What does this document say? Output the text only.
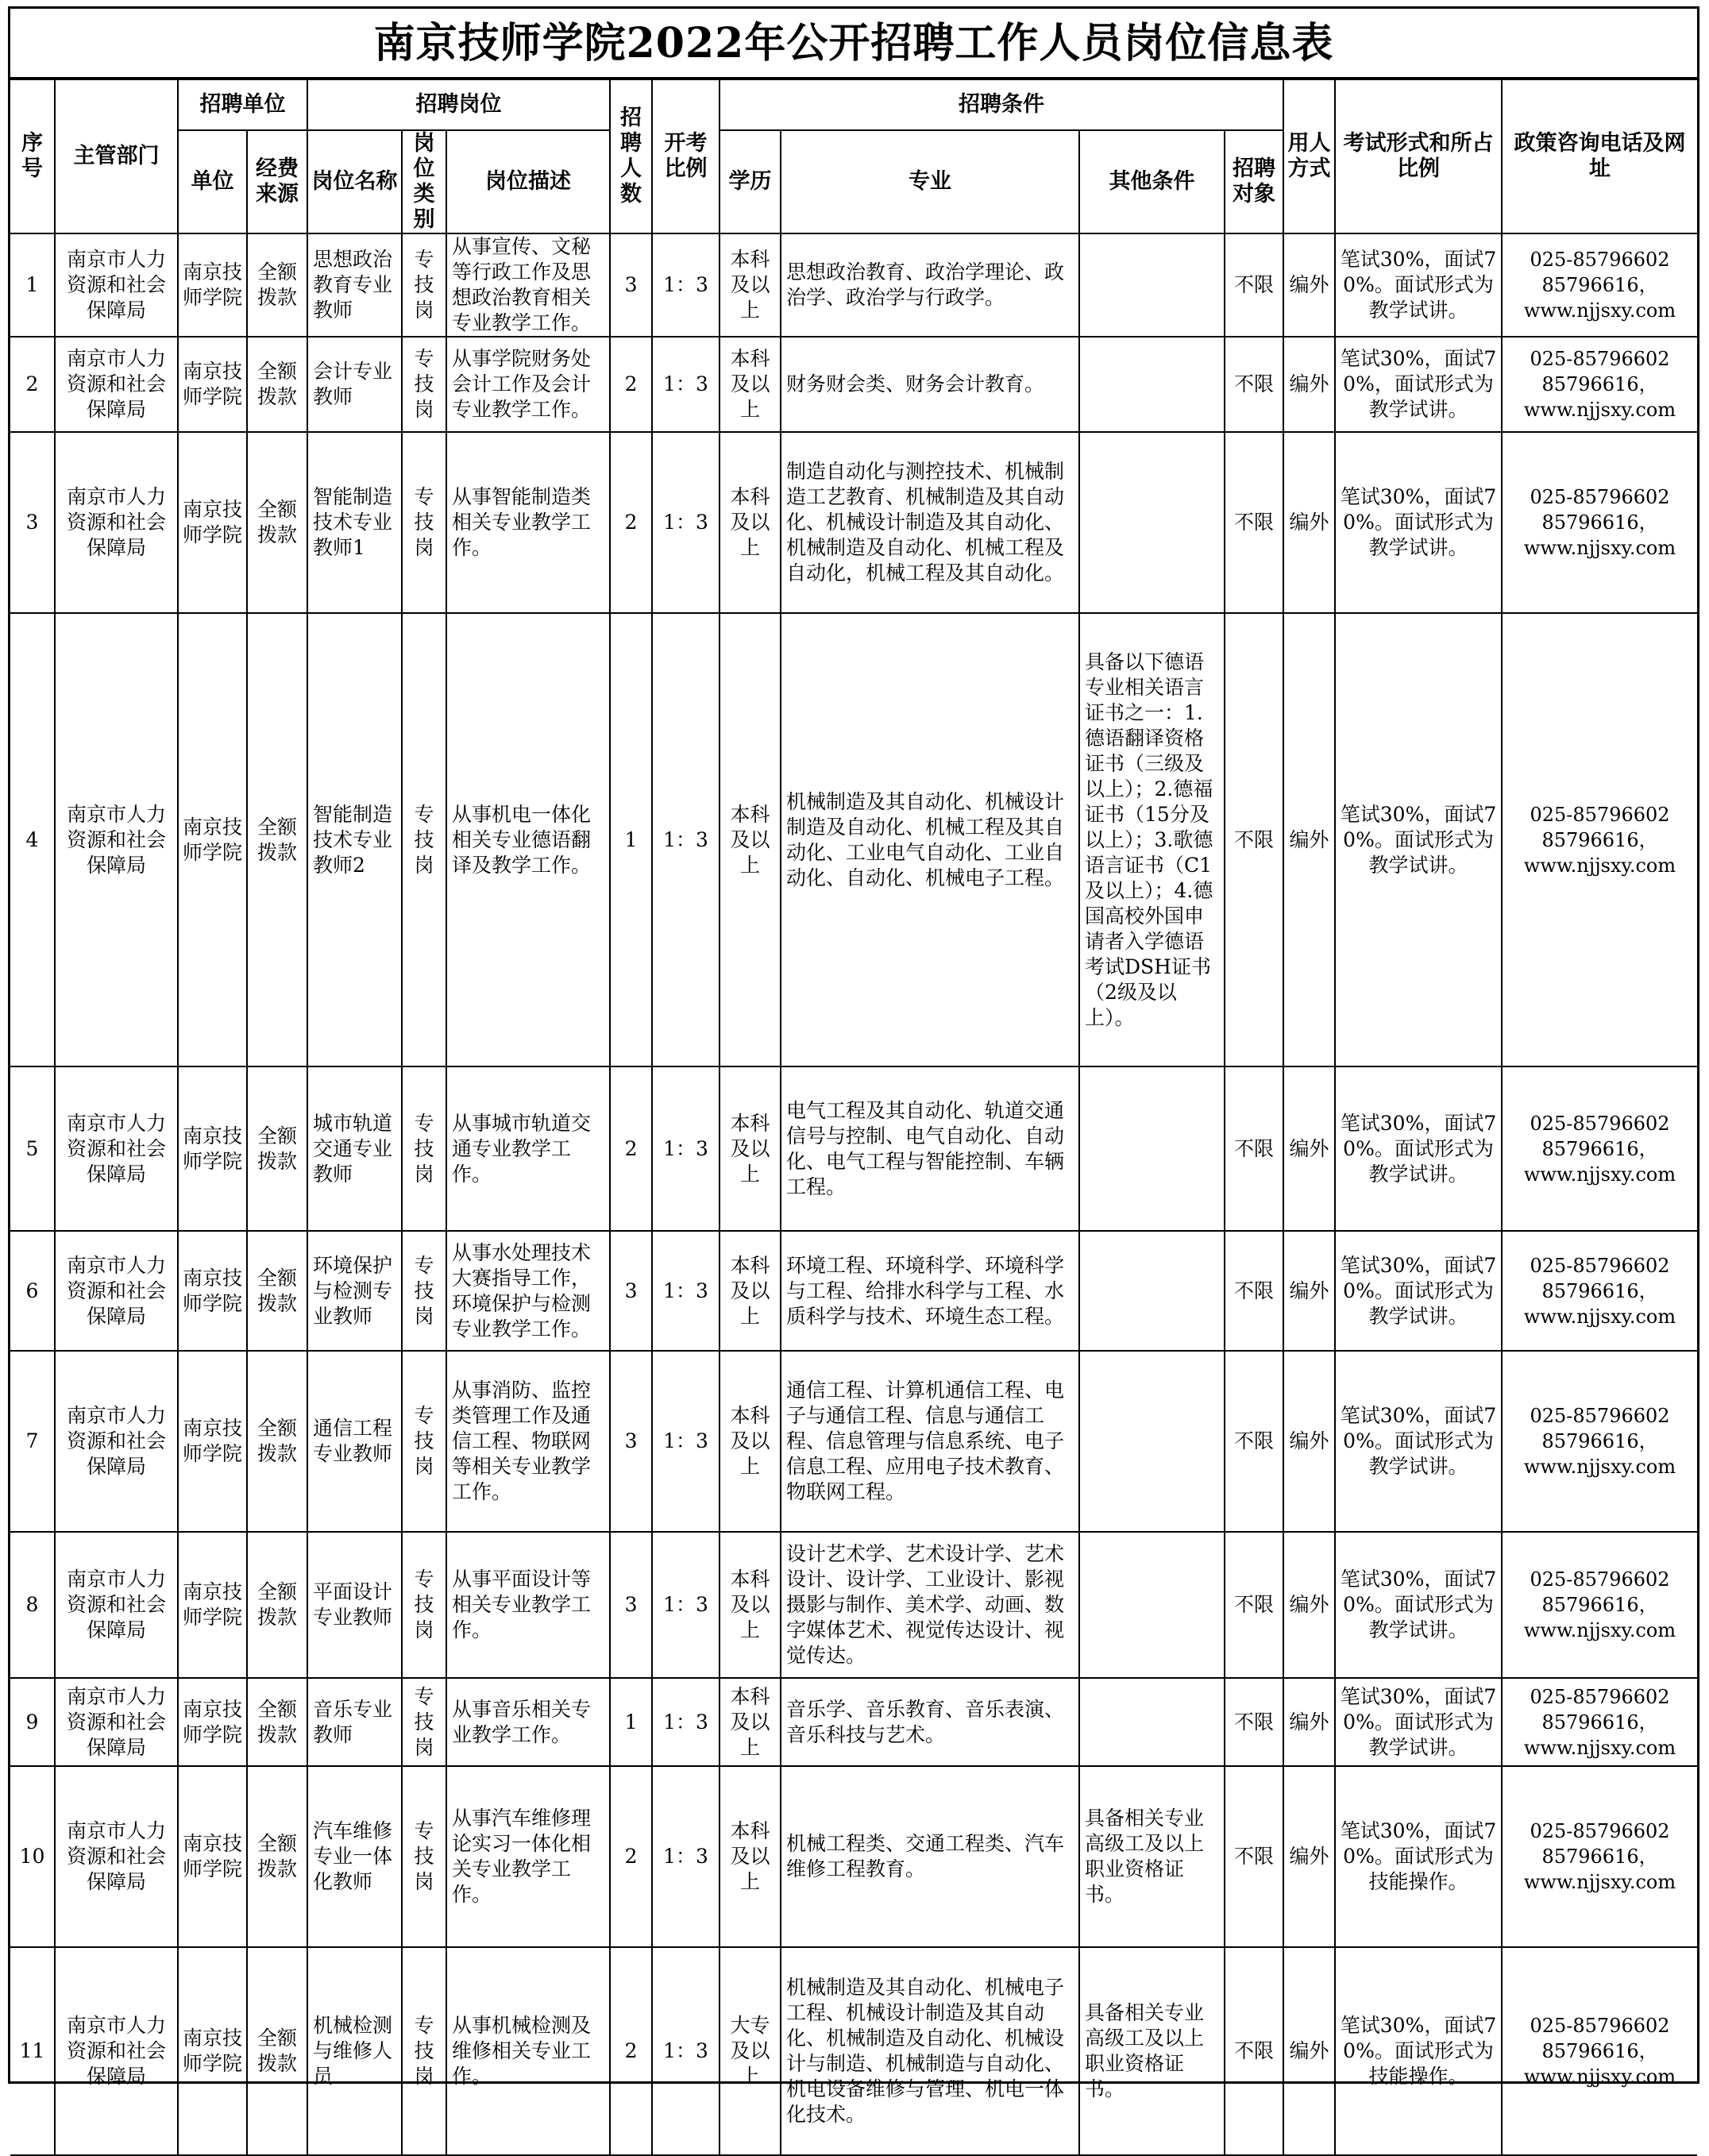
南京技师学院2022年公开招聘工作人员岗位信息表
序号	主管部门	招聘单位		招聘岗位			招聘人数	开考比例	招聘条件				用人方式	考试形式和所占比例	政策咨询电话及网址
		单位	经费来源	岗位名称	岗位类别	岗位描述			学历	专业	其他条件	招聘对象			
1	南京市人力资源和社会保障局	南京技师学院	全额拨款	思想政治教育专业教师	专技岗	从事宣传、文秘等行政工作及思想政治教育相关专业教学工作。	3	1：3	本科及以上	思想政治教育、政治学理论、政治学、政治学与行政学。		不限	编外	笔试30%，面试70%。面试形式为教学试讲。	025-85796602
85796616，
www.njjsxy.com

2	南京市人力资源和社会保障局	南京技师学院	全额拨款	会计专业教师	专技岗	从事学院财务处会计工作及会计专业教学工作。	2	1：3	本科及以上	财务财会类、财务会计教育。		不限	编外	笔试30%，面试70%，面试形式为教学试讲。	025-85796602
85796616，
www.njjsxy.com

3	南京市人力资源和社会保障局	南京技师学院	全额拨款	智能制造技术专业教师1	专技岗	从事智能制造类相关专业教学工作。	2	1：3	本科及以上	制造自动化与测控技术、机械制造工艺教育、机械制造及其自动化、机械设计制造及其自动化、机械制造及自动化、机械工程及自动化，机械工程及其自动化。		不限	编外	笔试30%，面试70%。面试形式为教学试讲。	025-85796602
85796616，
www.njjsxy.com

4	南京市人力资源和社会保障局	南京技师学院	全额拨款	智能制造技术专业教师2	专技岗	从事机电一体化相关专业德语翻译及教学工作。	1	1：3	本科及以上	机械制造及其自动化、机械设计制造及自动化、机械工程及其自动化、工业电气自动化、工业自动化、自动化、机械电子工程。	具备以下德语专业相关语言证书之一：1.德语翻译资格证书（三级及以上）；2.德福证书（15分及以上）；3.歌德语言证书（C1及以上）；4.德国高校外国申请者入学德语考试DSH证书（2级及以上）。	不限	编外	笔试30%，面试70%。面试形式为教学试讲。	025-85796602
85796616，
www.njjsxy.com

5	南京市人力资源和社会保障局	南京技师学院	全额拨款	城市轨道交通专业教师	专技岗	从事城市轨道交通专业教学工作。	2	1：3	本科及以上	电气工程及其自动化、轨道交通信号与控制、电气自动化、自动化、电气工程与智能控制、车辆工程。		不限	编外	笔试30%，面试70%。面试形式为教学试讲。	025-85796602
85796616，
www.njjsxy.com

6	南京市人力资源和社会保障局	南京技师学院	全额拨款	环境保护与检测专业教师	专技岗	从事水处理技术大赛指导工作，环境保护与检测专业教学工作。	3	1：3	本科及以上	环境工程、环境科学、环境科学与工程、给排水科学与工程、水质科学与技术、环境生态工程。		不限	编外	笔试30%，面试70%。面试形式为教学试讲。	025-85796602
85796616，
www.njjsxy.com

7	南京市人力资源和社会保障局	南京技师学院	全额拨款	通信工程专业教师	专技岗	从事消防、监控类管理工作及通信工程、物联网等相关专业教学工作。	3	1：3	本科及以上	通信工程、计算机通信工程、电子与通信工程、信息与通信工程、信息管理与信息系统、电子信息工程、应用电子技术教育、物联网工程。		不限	编外	笔试30%，面试70%。面试形式为教学试讲。	025-85796602
85796616，
www.njjsxy.com

8	南京市人力资源和社会保障局	南京技师学院	全额拨款	平面设计专业教师	专技岗	从事平面设计等相关专业教学工作。	3	1：3	本科及以上	设计艺术学、艺术设计学、艺术设计、设计学、工业设计、影视摄影与制作、美术学、动画、数字媒体艺术、视觉传达设计、视觉传达。		不限	编外	笔试30%，面试70%。面试形式为教学试讲。	025-85796602
85796616，
www.njjsxy.com

9	南京市人力资源和社会保障局	南京技师学院	全额拨款	音乐专业教师	专技岗	从事音乐相关专业教学工作。	1	1：3	本科及以上	音乐学、音乐教育、音乐表演、音乐科技与艺术。		不限	编外	笔试30%，面试70%。面试形式为教学试讲。	025-85796602
85796616，
www.njjsxy.com

10	南京市人力资源和社会保障局	南京技师学院	全额拨款	汽车维修专业一体化教师	专技岗	从事汽车维修理论实习一体化相关专业教学工作。	2	1：3	本科及以上	机械工程类、交通工程类、汽车维修工程教育。	具备相关专业高级工及以上职业资格证书。	不限	编外	笔试30%，面试70%。面试形式为技能操作。	025-85796602
85796616，
www.njjsxy.com

11	南京市人力资源和社会保障局	南京技师学院	全额拨款	机械检测与维修人员	专技岗	从事机械检测及维修相关专业工作。	2	1：3	大专及以上	机械制造及其自动化、机械电子工程、机械设计制造及其自动化、机械制造及自动化、机械设计与制造、机械制造与自动化、机电设备维修与管理、机电一体化技术。	具备相关专业高级工及以上职业资格证书。	不限	编外	笔试30%，面试70%。面试形式为技能操作。	025-85796602
85796616，
www.njjsxy.com
